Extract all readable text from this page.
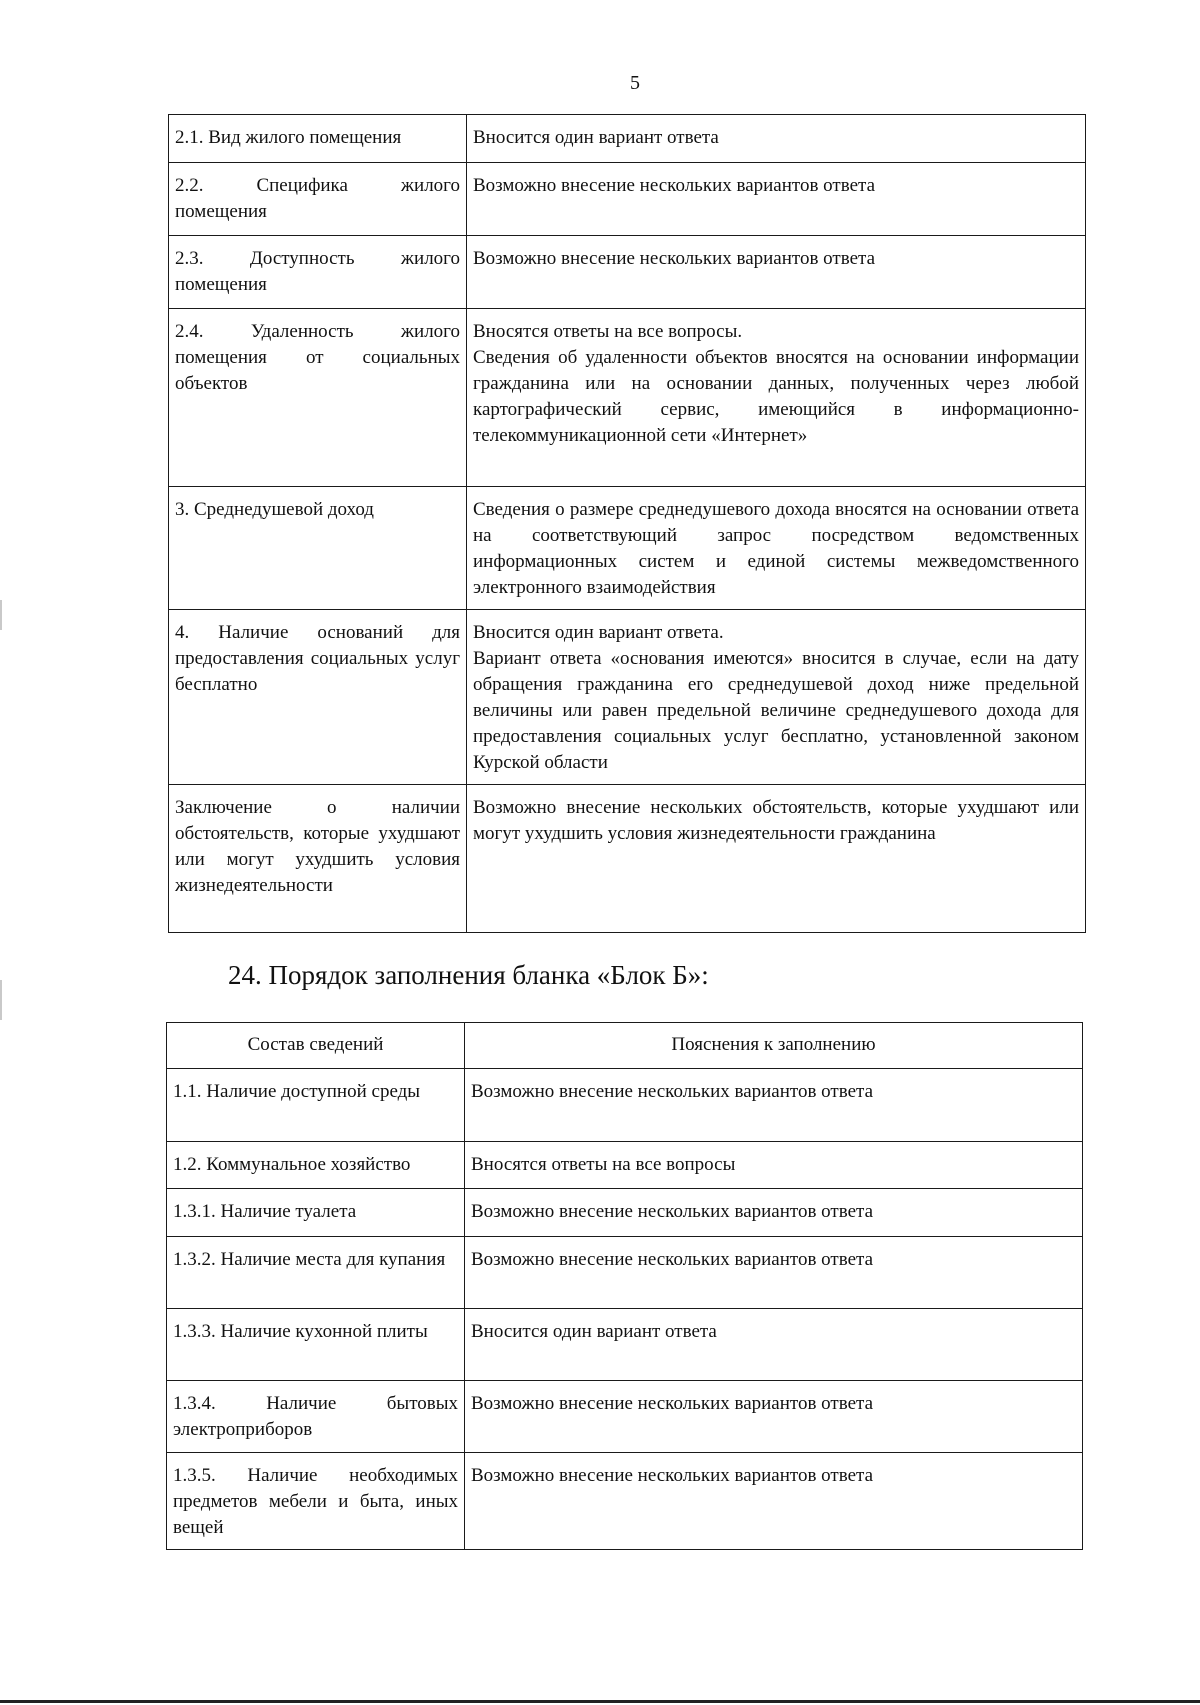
5
2.1. Вид жилого помещения	Вносится один вариант ответа
2.2. Специфика жилого помещения	Возможно внесение нескольких вариантов ответа
2.3. Доступность жилого помещения	Возможно внесение нескольких вариантов ответа
2.4. Удаленность жилого помещения от социальных объектов	Вносятся ответы на все вопросы.
Сведения об удаленности объектов вносятся на основании информации гражданина или на основании данных, полученных через любой картографический сервис, имеющийся в информационно-телекоммуникационной сети «Интернет»
3. Среднедушевой доход	Сведения о размере среднедушевого дохода вносятся на основании ответа на соответствующий запрос посредством ведомственных информационных систем и единой системы межведомственного электронного взаимодействия
4. Наличие оснований для предоставления социальных услуг бесплатно	Вносится один вариант ответа.
Вариант ответа «основания имеются» вносится в случае, если на дату обращения гражданина его среднедушевой доход ниже предельной величины или равен предельной величине среднедушевого дохода для предоставления социальных услуг бесплатно, установленной законом Курской области
Заключение о наличии обстоятельств, которые ухудшают или могут ухудшить условия жизнедеятельности	Возможно внесение нескольких обстоятельств, которые ухудшают или могут ухудшить условия жизнедеятельности гражданина
24. Порядок заполнения бланка «Блок Б»:
Состав сведений	Пояснения к заполнению
1.1. Наличие доступной среды	Возможно внесение нескольких вариантов ответа
1.2. Коммунальное хозяйство	Вносятся ответы на все вопросы
1.3.1. Наличие туалета	Возможно внесение нескольких вариантов ответа
1.3.2. Наличие места для купания	Возможно внесение нескольких вариантов ответа
1.3.3. Наличие кухонной плиты	Вносится один вариант ответа
1.3.4. Наличие бытовых электроприборов	Возможно внесение нескольких вариантов ответа
1.3.5. Наличие необходимых предметов мебели и быта, иных вещей	Возможно внесение нескольких вариантов ответа
